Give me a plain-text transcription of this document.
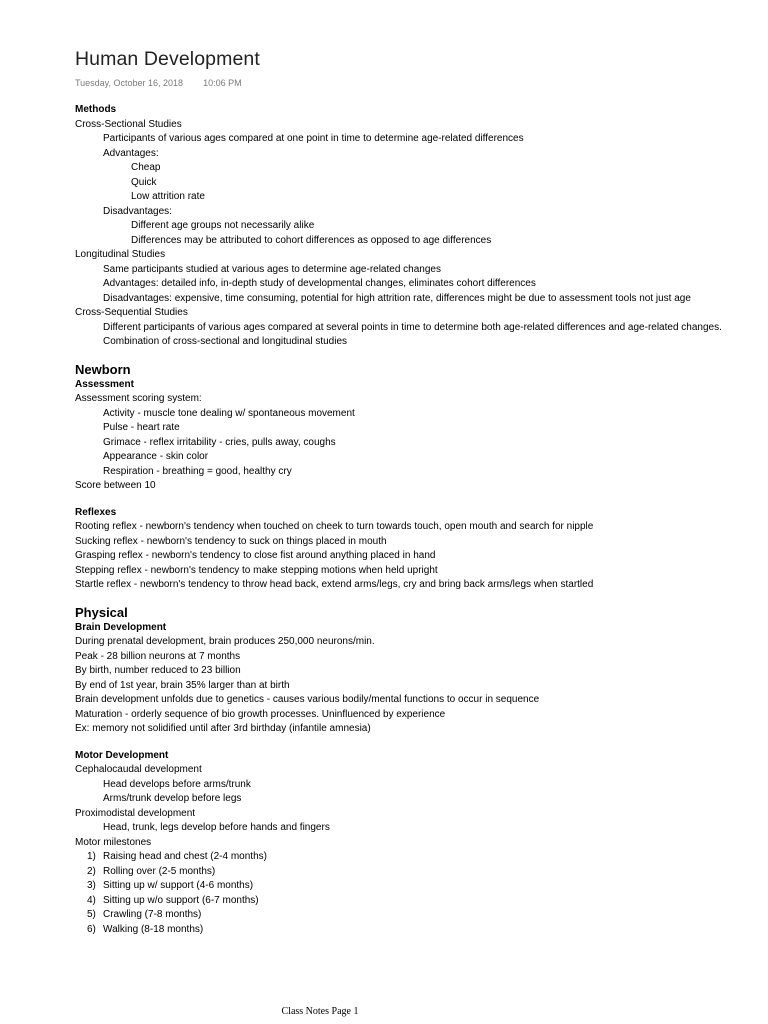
Human Development
Tuesday, October 16, 2018 10:06 PM
Methods
Cross-Sectional Studies
Participants of various ages compared at one point in time to determine age-related differences
Advantages:
Cheap
Quick
Low attrition rate
Disadvantages:
Different age groups not necessarily alike
Differences may be attributed to cohort differences as opposed to age differences
Longitudinal Studies
Same participants studied at various ages to determine age-related changes
Advantages: detailed info, in-depth study of developmental changes, eliminates cohort differences
Disadvantages: expensive, time consuming, potential for high attrition rate, differences might be due to assessment tools not just age
Cross-Sequential Studies
Different participants of various ages compared at several points in time to determine both age-related differences and age-related changes.
Combination of cross-sectional and longitudinal studies
Newborn
Assessment
Assessment scoring system:
Activity - muscle tone dealing w/ spontaneous movement
Pulse - heart rate
Grimace - reflex irritability - cries, pulls away, coughs
Appearance - skin color
Respiration - breathing = good, healthy cry
Score between 10
Reflexes
Rooting reflex - newborn's tendency when touched on cheek to turn towards touch, open mouth and search for nipple
Sucking reflex - newborn's tendency to suck on things placed in mouth
Grasping reflex - newborn's tendency to close fist around anything placed in hand
Stepping reflex - newborn's tendency to make stepping motions when held upright
Startle reflex - newborn's tendency to throw head back, extend arms/legs, cry and bring back arms/legs when startled
Physical
Brain Development
During prenatal development, brain produces 250,000 neurons/min.
Peak - 28 billion neurons at 7 months
By birth, number reduced to 23 billion
By end of 1st year, brain 35% larger than at birth
Brain development unfolds due to genetics - causes various bodily/mental functions to occur in sequence
Maturation - orderly sequence of bio growth processes. Uninfluenced by experience
Ex: memory not solidified until after 3rd birthday (infantile amnesia)
Motor Development
Cephalocaudal development
Head develops before arms/trunk
Arms/trunk develop before legs
Proximodistal development
Head, trunk, legs develop before hands and fingers
Motor milestones
1) Raising head and chest (2-4 months)
2) Rolling over (2-5 months)
3) Sitting up w/ support (4-6 months)
4) Sitting up w/o support (6-7 months)
5) Crawling (7-8 months)
6) Walking (8-18 months)
Class Notes Page 1
